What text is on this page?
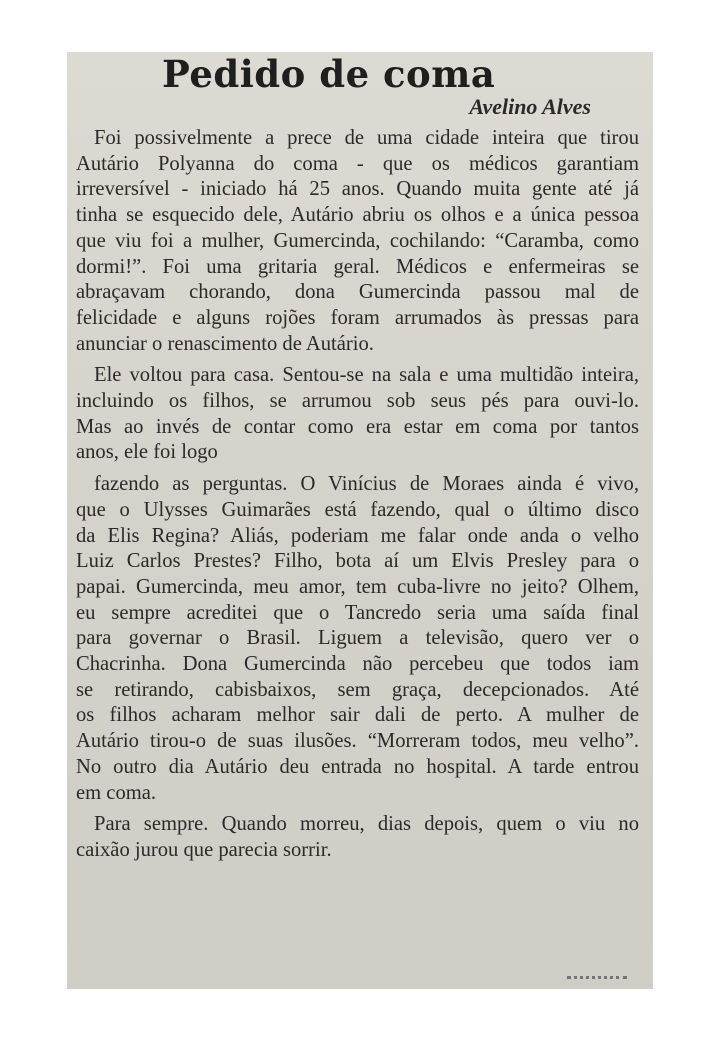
Pedido de coma
Avelino Alves
Foi possivelmente a prece de uma cidade inteira que tirou
Autário Polyanna do coma - que os médicos garantiam
irreversível - iniciado há 25 anos. Quando muita gente até já
tinha se esquecido dele, Autário abriu os olhos e a única pessoa
que viu foi a mulher, Gumercinda, cochilando: “Caramba, como
dormi!”. Foi uma gritaria geral. Médicos e enfermeiras se
abraçavam chorando, dona Gumercinda passou mal de
felicidade e alguns rojões foram arrumados às pressas para
anunciar o renascimento de Autário.
Ele voltou para casa. Sentou-se na sala e uma multidão inteira,
incluindo os filhos, se arrumou sob seus pés para ouvi-lo.
Mas ao invés de contar como era estar em coma por tantos
anos, ele foi logo
fazendo as perguntas. O Vinícius de Moraes ainda é vivo,
que o Ulysses Guimarães está fazendo, qual o último disco
da Elis Regina? Aliás, poderiam me falar onde anda o velho
Luiz Carlos Prestes? Filho, bota aí um Elvis Presley para o
papai. Gumercinda, meu amor, tem cuba-livre no jeito? Olhem,
eu sempre acreditei que o Tancredo seria uma saída final
para governar o Brasil. Liguem a televisão, quero ver o
Chacrinha. Dona Gumercinda não percebeu que todos iam
se retirando, cabisbaixos, sem graça, decepcionados. Até
os filhos acharam melhor sair dali de perto. A mulher de
Autário tirou-o de suas ilusões. “Morreram todos, meu velho”.
No outro dia Autário deu entrada no hospital. A tarde entrou
em coma.
Para sempre. Quando morreu, dias depois, quem o viu no
caixão jurou que parecia sorrir.
